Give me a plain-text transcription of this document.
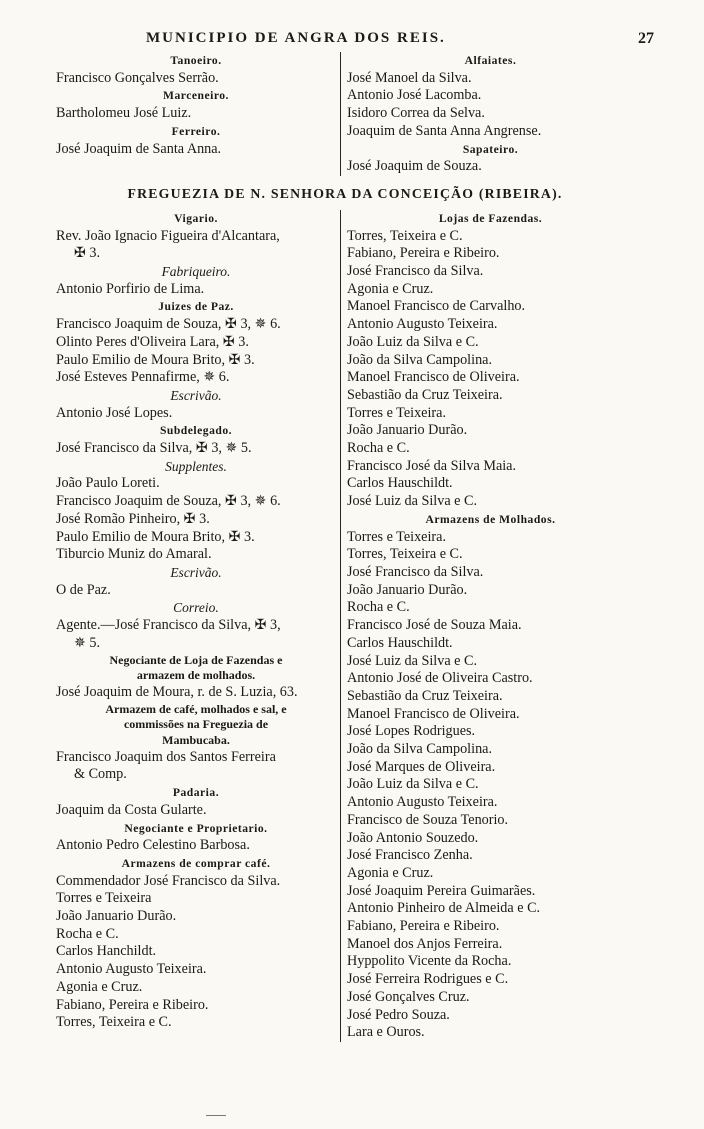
MUNICIPIO DE ANGRA DOS REIS.	27
Tanoeiro.
Francisco Gonçalves Serrão.
Marceneiro.
Bartholomeu José Luiz.
Ferreiro.
José Joaquim de Santa Anna.
Alfaiates.
José Manoel da Silva.
Antonio José Lacomba.
Isidoro Correa da Selva.
Joaquim de Santa Anna Angrense.
Sapateiro.
José Joaquim de Souza.
FREGUEZIA DE N. SENHORA DA CONCEIÇÃO (RIBEIRA).
Vigario.
Rev. João Ignacio Figueira d'Alcantara,
✠ 3.
Fabriqueiro.
Antonio Porfirio de Lima.
Juizes de Paz.
Francisco Joaquim de Souza, ✠ 3, ✵ 6.
Olinto Peres d'Oliveira Lara, ✠ 3.
Paulo Emilio de Moura Brito, ✠ 3.
José Esteves Pennafirme, ✵ 6.
Escrivão.
Antonio José Lopes.
Subdelegado.
José Francisco da Silva, ✠ 3, ✵ 5.
Supplentes.
João Paulo Loreti.
Francisco Joaquim de Souza, ✠ 3, ✵ 6.
José Romão Pinheiro, ✠ 3.
Paulo Emilio de Moura Brito, ✠ 3.
Tiburcio Muniz do Amaral.
Escrivão.
O de Paz.
Correio.
Agente.—José Francisco da Silva, ✠ 3,
✵ 5.
Negociante de Loja de Fazendas e
armazem de molhados.
José Joaquim de Moura, r. de S. Luzia, 63.
Armazem de café, molhados e sal, e
commissões na Freguezia de
Mambucaba.
Francisco Joaquim dos Santos Ferreira
& Comp.
Padaria.
Joaquim da Costa Gularte.
Negociante e Proprietario.
Antonio Pedro Celestino Barbosa.
Armazens de comprar café.
Commendador José Francisco da Silva.
Torres e Teixeira
João Januario Durão.
Rocha e C.
Carlos Hanchildt.
Antonio Augusto Teixeira.
Agonia e Cruz.
Fabiano, Pereira e Ribeiro.
Torres, Teixeira e C.
Lojas de Fazendas.
Torres, Teixeira e C.
Fabiano, Pereira e Ribeiro.
José Francisco da Silva.
Agonia e Cruz.
Manoel Francisco de Carvalho.
Antonio Augusto Teixeira.
João Luiz da Silva e C.
João da Silva Campolina.
Manoel Francisco de Oliveira.
Sebastião da Cruz Teixeira.
Torres e Teixeira.
João Januario Durão.
Rocha e C.
Francisco José da Silva Maia.
Carlos Hauschildt.
José Luiz da Silva e C.
Armazens de Molhados.
Torres e Teixeira.
Torres, Teixeira e C.
José Francisco da Silva.
João Januario Durão.
Rocha e C.
Francisco José de Souza Maia.
Carlos Hauschildt.
José Luiz da Silva e C.
Antonio José de Oliveira Castro.
Sebastião da Cruz Teixeira.
Manoel Francisco de Oliveira.
José Lopes Rodrigues.
João da Silva Campolina.
José Marques de Oliveira.
João Luiz da Silva e C.
Antonio Augusto Teixeira.
Francisco de Souza Tenorio.
João Antonio Souzedo.
José Francisco Zenha.
Agonia e Cruz.
José Joaquim Pereira Guimarães.
Antonio Pinheiro de Almeida e C.
Fabiano, Pereira e Ribeiro.
Manoel dos Anjos Ferreira.
Hyppolito Vicente da Rocha.
José Ferreira Rodrigues e C.
José Gonçalves Cruz.
José Pedro Souza.
Lara e Ouros.
